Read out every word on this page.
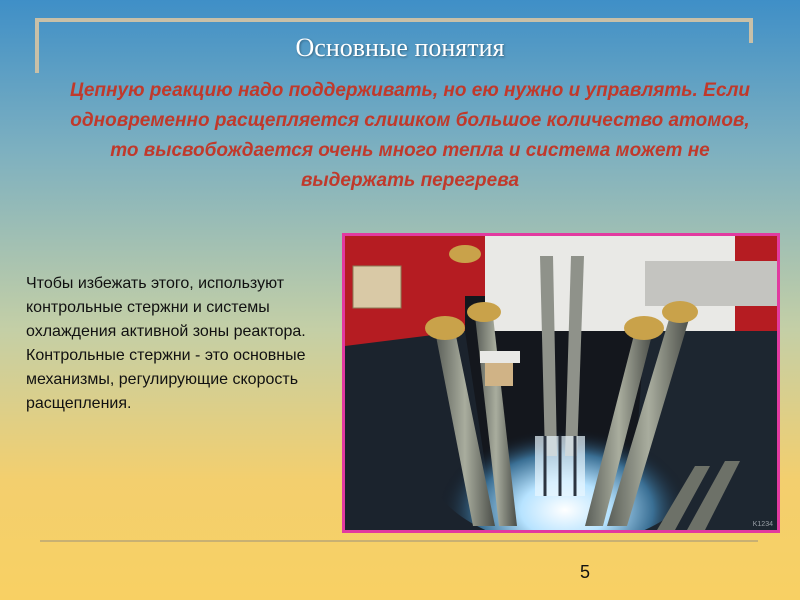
Основные понятия
Цепную реакцию надо поддерживать, но ею нужно и управлять. Если одновременно расщепляется слишком большое количество атомов, то высвобождается очень много тепла и система может не выдержать перегрева
Чтобы избежать этого, используют контрольные стержни и системы охлаждения активной зоны реактора. Контрольные стержни - это основные механизмы, регулирующие скорость расщепления.
K1234
5
